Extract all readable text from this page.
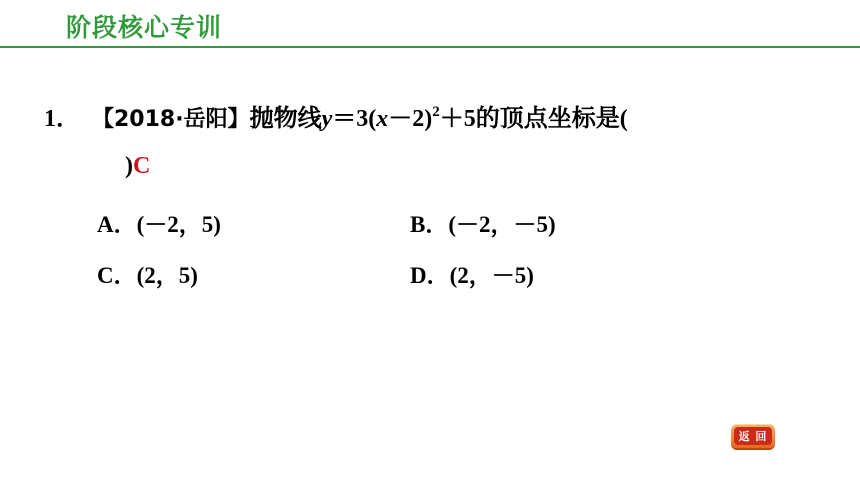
阶段核心专训
1． 【2018·岳阳】抛物线$y=3(x-2)^2+5$的顶点坐标是(
)C
A．(－2，5)	B．(－2，－5)
C．(2，5)	D．(2，－5)
返 回
